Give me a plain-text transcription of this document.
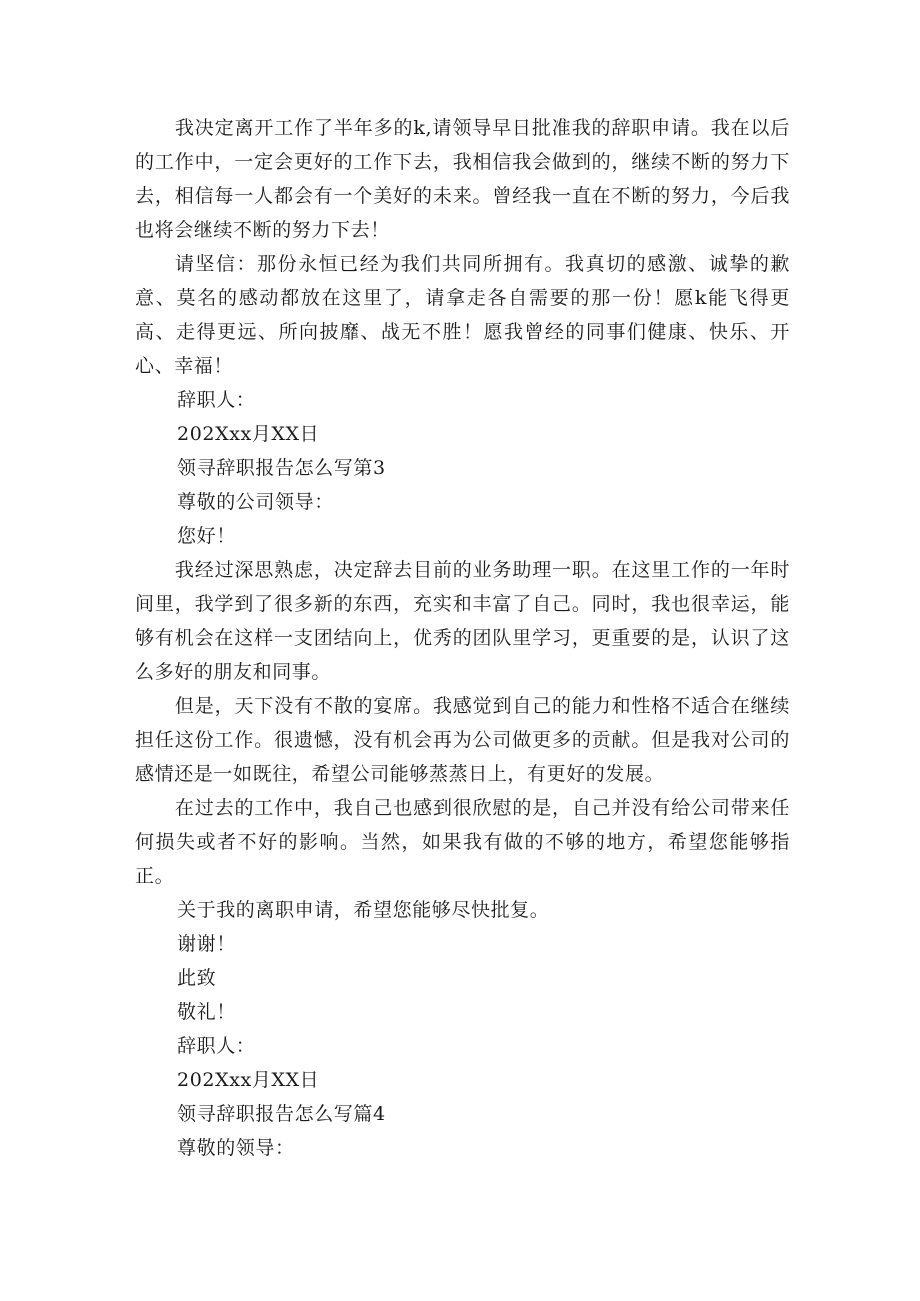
我决定离开工作了半年多的k,请领导早日批准我的辞职申请。我在以后的工作中，一定会更好的工作下去，我相信我会做到的，继续不断的努力下去，相信每一人都会有一个美好的未来。曾经我一直在不断的努力，今后我也将会继续不断的努力下去！

请坚信：那份永恒已经为我们共同所拥有。我真切的感激、诚挚的歉意、莫名的感动都放在这里了，请拿走各自需要的那一份！愿k能飞得更高、走得更远、所向披靡、战无不胜！愿我曾经的同事们健康、快乐、开心、幸福！

辞职人：

202Xxx月XX日

领寻辞职报告怎么写第3

尊敬的公司领导：

您好！

我经过深思熟虑，决定辞去目前的业务助理一职。在这里工作的一年时间里，我学到了很多新的东西，充实和丰富了自己。同时，我也很幸运，能够有机会在这样一支团结向上，优秀的团队里学习，更重要的是，认识了这么多好的朋友和同事。

但是，天下没有不散的宴席。我感觉到自己的能力和性格不适合在继续担任这份工作。很遗憾，没有机会再为公司做更多的贡献。但是我对公司的感情还是一如既往，希望公司能够蒸蒸日上，有更好的发展。

在过去的工作中，我自己也感到很欣慰的是，自己并没有给公司带来任何损失或者不好的影响。当然，如果我有做的不够的地方，希望您能够指正。

关于我的离职申请，希望您能够尽快批复。

谢谢！

此致

敬礼！

辞职人：

202Xxx月XX日

领寻辞职报告怎么写篇4

尊敬的领导：
